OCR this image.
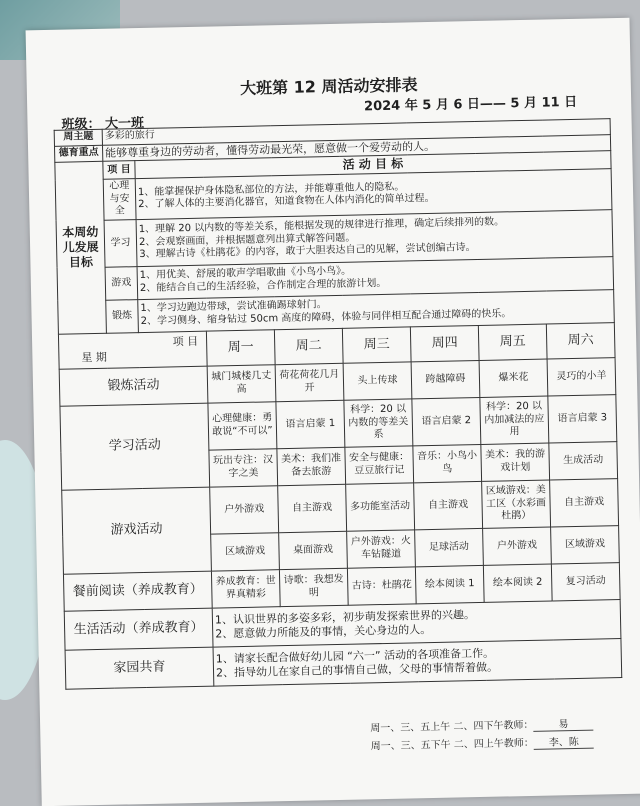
大班第 12 周活动安排表
2024 年 5 月 6 日—— 5 月 11 日
班级： 大一班
周主题	多彩的旅行							
德育重点	能够尊重身边的劳动者，懂得劳动最光荣，愿意做一个爱劳动的人。							
本周幼儿发展目标	项 目	活 动 目 标						
	心理与安全	1、能掌握保护身体隐私部位的方法，并能尊重他人的隐私。
2、了解人体的主要消化器官，知道食物在人体内消化的简单过程。						
	学习	1、理解 20 以内数的等差关系，能根据发现的规律进行推理，确定后续排列的数。
2、会观察画面，并根据题意列出算式解答问题。
3、理解古诗《杜鹃花》的内容，敢于大胆表达自己的见解，尝试创编古诗。						
	游戏	1、用优美、舒展的歌声学唱歌曲《小鸟小鸟》。
2、能结合自己的生活经验，合作制定合理的旅游计划。						
	锻炼	1、学习边跑边带球，尝试准确踢球射门。
2、学习侧身、缩身钻过 50cm 高度的障碍，体验与同伴相互配合通过障碍的快乐。						

项 目
星 期			周一	周二	周三	周四	周五	周六
锻炼活动			城门城楼几丈高	荷花荷花几月开	头上传球	跨越障碍	爆米花	灵巧的小羊
学习活动			心理健康：勇敢说“不可以”	语言启蒙 1	科学：20 以内数的等差关系	语言启蒙 2	科学：20 以内加减法的应用	语言启蒙 3
			玩出专注：汉字之美	美术：我们准备去旅游	安全与健康：豆豆旅行记	音乐：小鸟小鸟	美术：我的游戏计划	生成活动
游戏活动			户外游戏	自主游戏	多功能室活动	自主游戏	区域游戏：美工区（水彩画杜鹃）	自主游戏
			区域游戏	桌面游戏	户外游戏：火车钻隧道	足球活动	户外游戏	区域游戏
餐前阅读（养成教育）			养成教育：世界真精彩	诗歌：我想发明	古诗：杜鹃花	绘本阅读 1	绘本阅读 2	复习活动
生活活动（养成教育）			1、认识世界的多姿多彩，初步萌发探索世界的兴趣。
2、愿意做力所能及的事情，关心身边的人。					
家园共育			1、请家长配合做好幼儿园 “六一” 活动的各项准备工作。
2、指导幼儿在家自己的事情自己做，父母的事情帮着做。					
周一、三、五上午 二、四下午教师： 易
周一、三、五下午 二、四上午教师： 李、陈
